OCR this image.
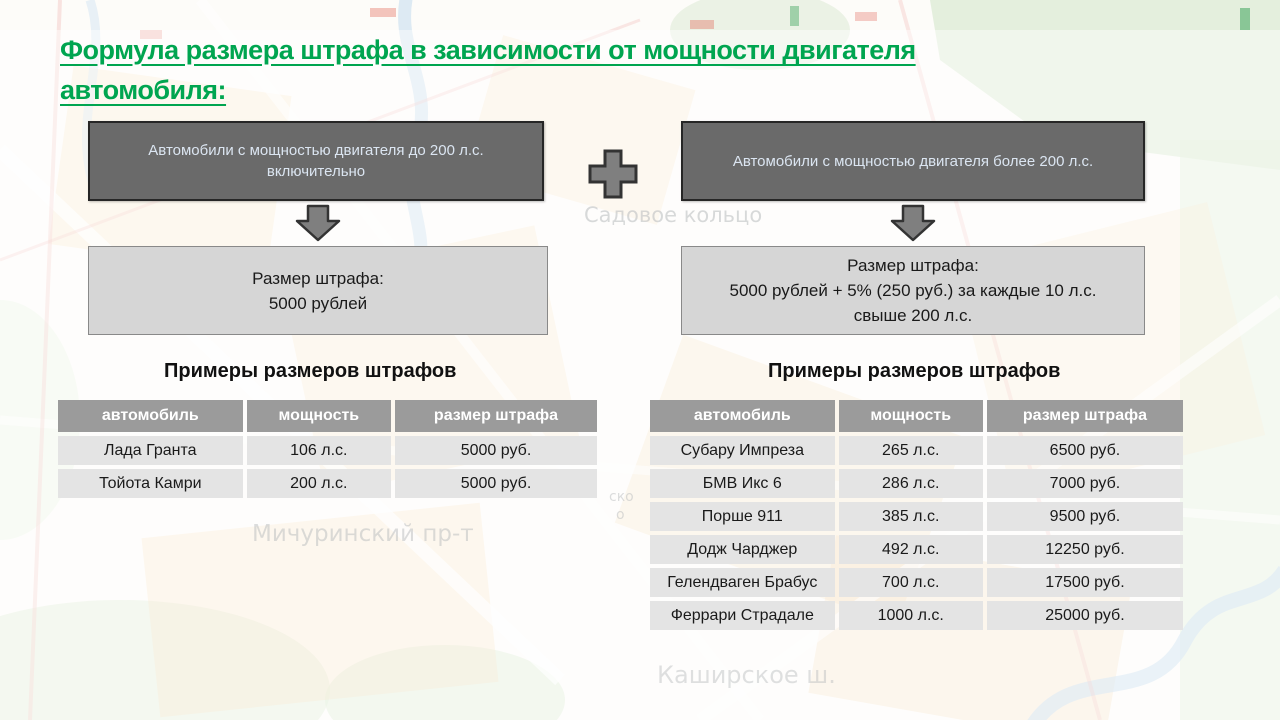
Садовое кольцо
Мичуринский пр-т
Каширское ш.
ско
о
Формула размера штрафа в зависимости от мощности двигателя автомобиля:
Автомобили с мощностью двигателя до 200 л.с. включительно
Автомобили с мощностью двигателя более 200 л.с.
Размер штрафа:
5000 рублей
Размер штрафа:
5000 рублей + 5% (250 руб.) за каждые 10 л.с.
свыше 200 л.с.
Примеры размеров штрафов	Примеры размеров штрафов
автомобиль	мощность	размер штрафа
Лада Гранта	106 л.с.	5000 руб.
Тойота Камри	200 л.с.	5000 руб.
автомобиль	мощность	размер штрафа
Субару Импреза	265 л.с.	6500 руб.
БМВ Икс 6	286 л.с.	7000 руб.
Порше 911	385 л.с.	9500 руб.
Додж Чарджер	492 л.с.	12250 руб.
Гелендваген Брабус	700 л.с.	17500 руб.
Феррари Страдале	1000 л.с.	25000 руб.
